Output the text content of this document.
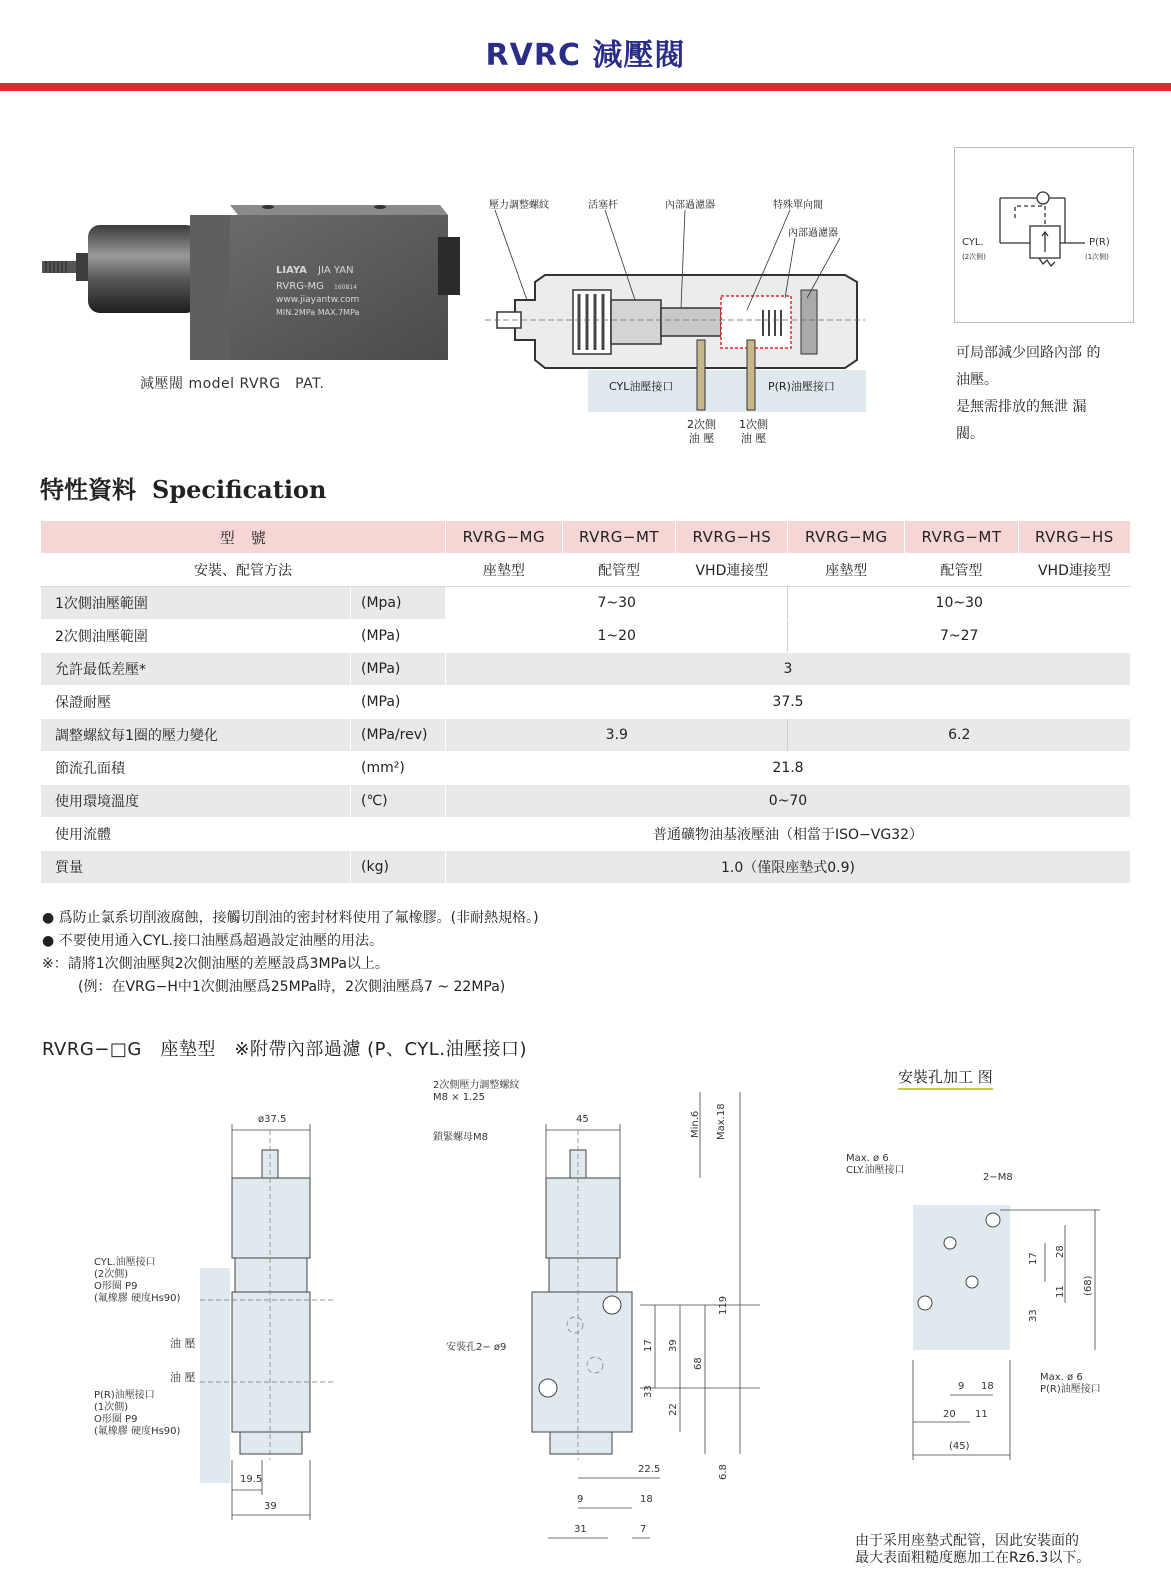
RVRC 減壓閥
LIAYA JIA YAN
RVRG-MG 160814
www.jiayantw.com
MIN.2MPa MAX.7MPa
減壓閥 model RVRG　PAT.
壓力調整螺紋	活塞杆	內部過濾器	特殊單向閥
內部過濾器
CYL油壓接口	P(R)油壓接口
2次側
油 壓
1次側
油 壓
CYL.
(2次側)
P(R)
(1次側)

可局部減少回路內部 的

油壓。

是無需排放的無泄 漏

閥。

特性資料 Specification
型　號		RVRG−MG	RVRG−MT	RVRG−HS	RVRG−MG	RVRG−MT	RVRG−HS
安裝、配管方法		座墊型	配管型	VHD連接型	座墊型	配管型	VHD連接型
1次側油壓範圍	(Mpa)	7~30			10~30		
2次側油壓範圍	(MPa)	1~20			7~27		
允許最低差壓*	(MPa)	3					
保證耐壓	(MPa)	37.5					
調整螺紋每1圈的壓力變化	(MPa/rev)	3.9			6.2		
節流孔面積	(mm²)	21.8					
使用環境溫度	(℃)	0~70					
使用流體		普通礦物油基液壓油（相當于ISO−VG32）					
質量	(kg)	1.0（僅限座墊式0.9)					
● 爲防止氯系切削液腐蝕，接觸切削油的密封材料使用了氟橡膠。(非耐熱規格。)
● 不要使用通入CYL.接口油壓爲超過設定油壓的用法。
※：請將1次側油壓與2次側油壓的差壓設爲3MPa以上。
(例：在VRG−H中1次側油壓爲25MPa時，2次側油壓爲7 ~ 22MPa)
RVRG−□G　座墊型　※附帶內部過濾 (P、CYL.油壓接口)
安裝孔加工 图
ø37.5
CYL.油壓接口
(2次側)
O形圈 P9
(氟橡膠 硬度Hs90)
油 壓
油 壓
P(R)油壓接口
(1次側)
O形圈 P9
(氟橡膠 硬度Hs90)
19.5
39
2次側壓力調整螺紋
M8 × 1.25
鎖緊螺母M8
安裝孔2− ø9
45	Min.6 Max.18
119
17 39
68
33
22
6.8
22.5
9	18
31	7
Max. ø 6
CLY.油壓接口
2−M8
17
28
11 (68)
33
Max. ø 6
P(R)油壓接口
9 18
20 11
(45)
由于采用座墊式配管，因此安裝面的
最大表面粗糙度應加工在Rz6.3以下。
